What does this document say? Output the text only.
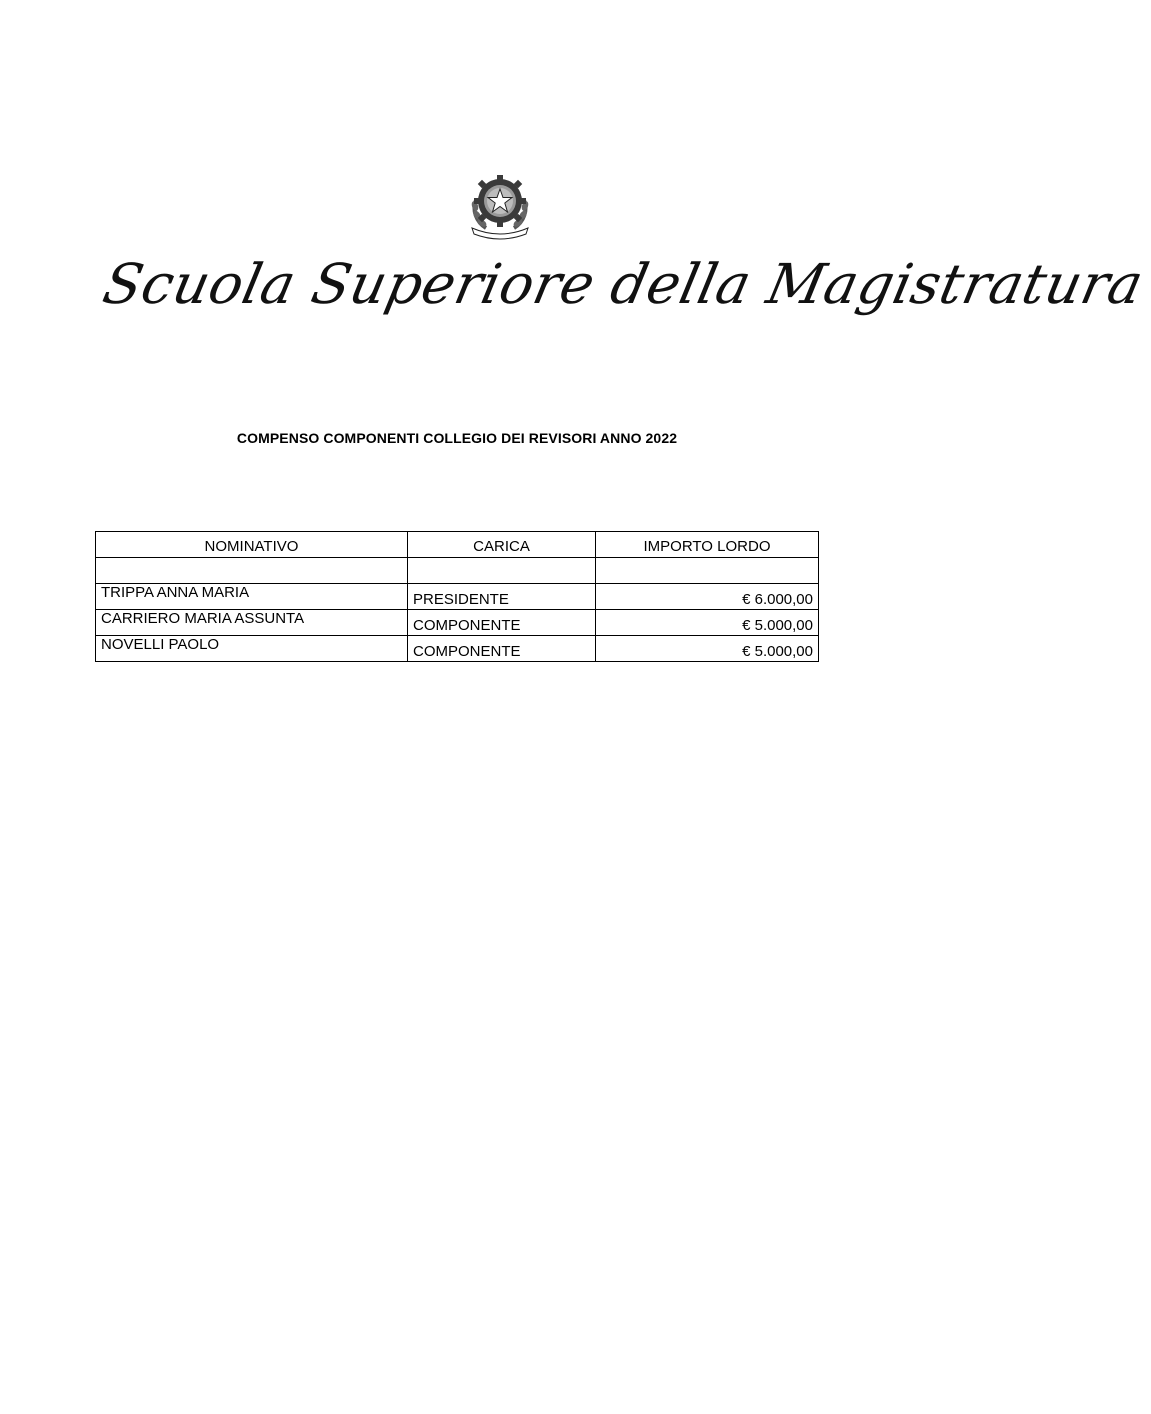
Scuola Superiore della Magistratura
COMPENSO COMPONENTI COLLEGIO DEI REVISORI ANNO 2022
NOMINATIVO	CARICA	IMPORTO LORDO

TRIPPA ANNA MARIA	PRESIDENTE	€ 6.000,00
CARRIERO MARIA ASSUNTA	COMPONENTE	€ 5.000,00
NOVELLI PAOLO	COMPONENTE	€ 5.000,00
